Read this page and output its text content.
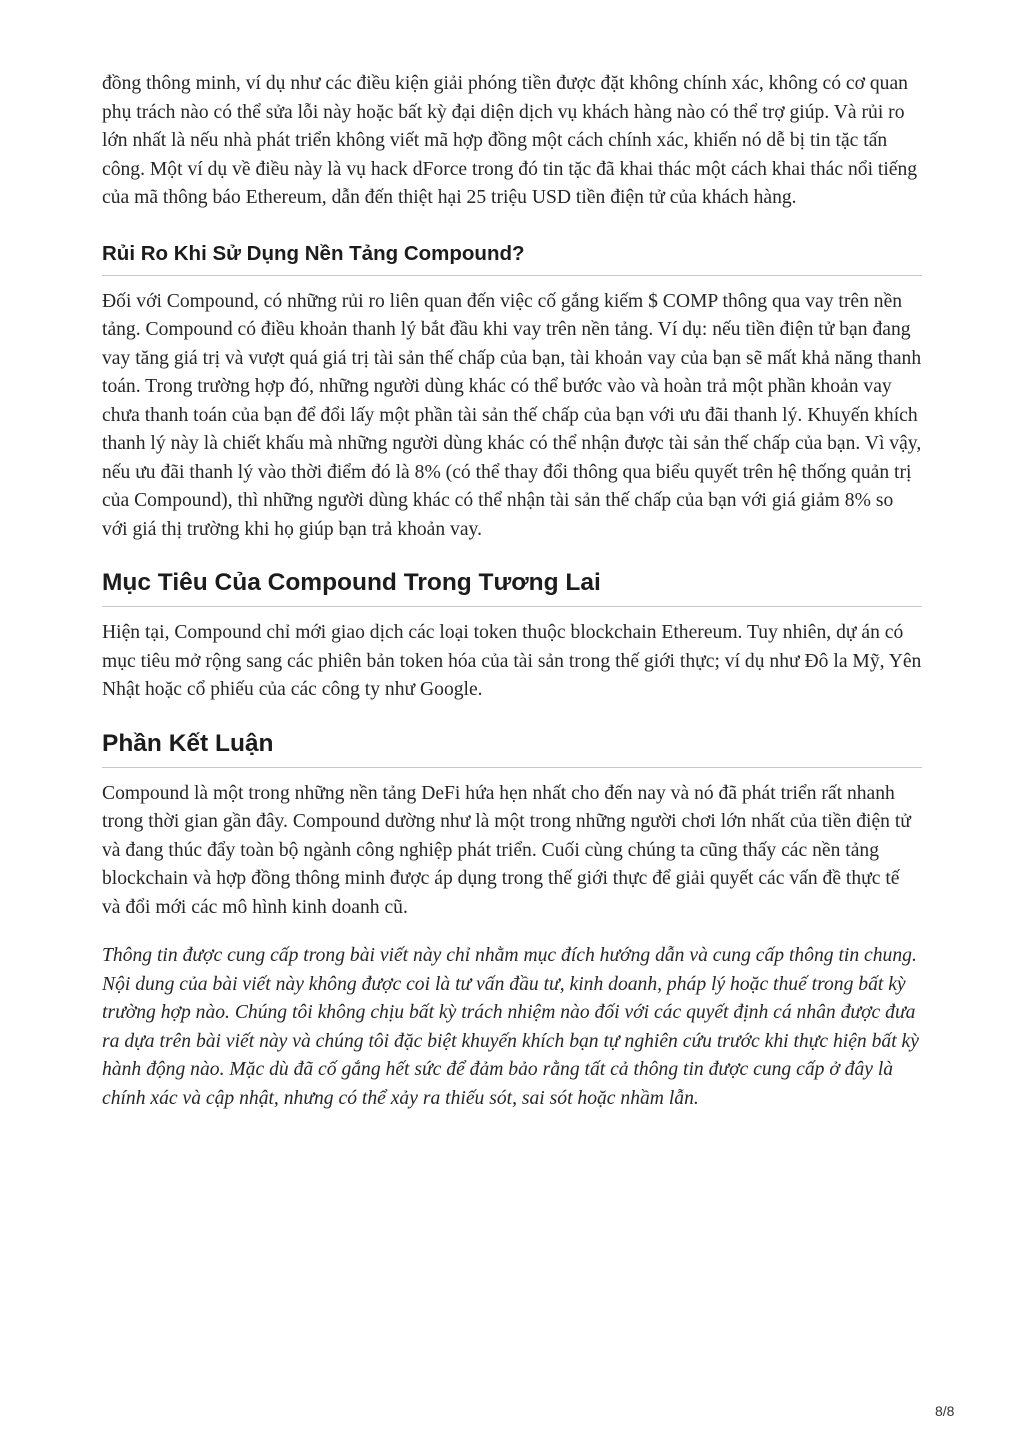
đồng thông minh, ví dụ như các điều kiện giải phóng tiền được đặt không chính xác, không có cơ quan phụ trách nào có thể sửa lỗi này hoặc bất kỳ đại diện dịch vụ khách hàng nào có thể trợ giúp. Và rủi ro lớn nhất là nếu nhà phát triển không viết mã hợp đồng một cách chính xác, khiến nó dễ bị tin tặc tấn công. Một ví dụ về điều này là vụ hack dForce trong đó tin tặc đã khai thác một cách khai thác nổi tiếng của mã thông báo Ethereum, dẫn đến thiệt hại 25 triệu USD tiền điện tử của khách hàng.

Rủi Ro Khi Sử Dụng Nền Tảng Compound?

Đối với Compound, có những rủi ro liên quan đến việc cố gắng kiếm $ COMP thông qua vay trên nền tảng. Compound có điều khoản thanh lý bắt đầu khi vay trên nền tảng. Ví dụ: nếu tiền điện tử bạn đang vay tăng giá trị và vượt quá giá trị tài sản thế chấp của bạn, tài khoản vay của bạn sẽ mất khả năng thanh toán. Trong trường hợp đó, những người dùng khác có thể bước vào và hoàn trả một phần khoản vay chưa thanh toán của bạn để đổi lấy một phần tài sản thế chấp của bạn với ưu đãi thanh lý. Khuyến khích thanh lý này là chiết khấu mà những người dùng khác có thể nhận được tài sản thế chấp của bạn. Vì vậy, nếu ưu đãi thanh lý vào thời điểm đó là 8% (có thể thay đổi thông qua biểu quyết trên hệ thống quản trị của Compound), thì những người dùng khác có thể nhận tài sản thế chấp của bạn với giá giảm 8% so với giá thị trường khi họ giúp bạn trả khoản vay.

Mục Tiêu Của Compound Trong Tương Lai

Hiện tại, Compound chỉ mới giao dịch các loại token thuộc blockchain Ethereum. Tuy nhiên, dự án có mục tiêu mở rộng sang các phiên bản token hóa của tài sản trong thế giới thực; ví dụ như Đô la Mỹ, Yên Nhật hoặc cổ phiếu của các công ty như Google.

Phần Kết Luận

Compound là một trong những nền tảng DeFi hứa hẹn nhất cho đến nay và nó đã phát triển rất nhanh trong thời gian gần đây. Compound dường như là một trong những người chơi lớn nhất của tiền điện tử và đang thúc đẩy toàn bộ ngành công nghiệp phát triển. Cuối cùng chúng ta cũng thấy các nền tảng blockchain và hợp đồng thông minh được áp dụng trong thế giới thực để giải quyết các vấn đề thực tế và đổi mới các mô hình kinh doanh cũ.

Thông tin được cung cấp trong bài viết này chỉ nhằm mục đích hướng dẫn và cung cấp thông tin chung. Nội dung của bài viết này không được coi là tư vấn đầu tư, kinh doanh, pháp lý hoặc thuế trong bất kỳ trường hợp nào. Chúng tôi không chịu bất kỳ trách nhiệm nào đối với các quyết định cá nhân được đưa ra dựa trên bài viết này và chúng tôi đặc biệt khuyến khích bạn tự nghiên cứu trước khi thực hiện bất kỳ hành động nào. Mặc dù đã cố gắng hết sức để đảm bảo rằng tất cả thông tin được cung cấp ở đây là chính xác và cập nhật, nhưng có thể xảy ra thiếu sót, sai sót hoặc nhầm lẫn.

8/8
